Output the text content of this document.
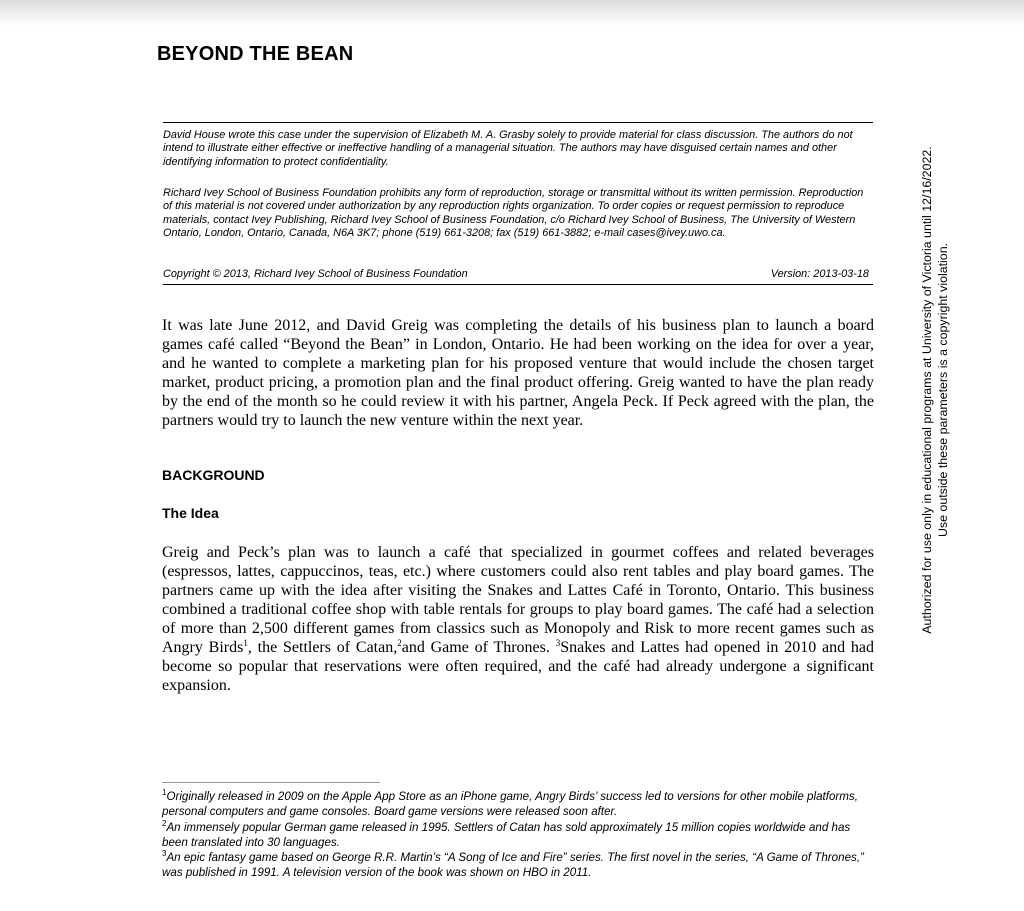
BEYOND THE BEAN

David House wrote this case under the supervision of Elizabeth M. A. Grasby solely to provide material for class discussion. The authors do not intend to illustrate either effective or ineffective handling of a managerial situation. The authors may have disguised certain names and other identifying information to protect confidentiality.

Richard Ivey School of Business Foundation prohibits any form of reproduction, storage or transmittal without its written permission. Reproduction of this material is not covered under authorization by any reproduction rights organization. To order copies or request permission to reproduce materials, contact Ivey Publishing, Richard Ivey School of Business Foundation, c/o Richard Ivey School of Business, The University of Western Ontario, London, Ontario, Canada, N6A 3K7; phone (519) 661-3208; fax (519) 661-3882; e-mail cases@ivey.uwo.ca.

Copyright © 2013, Richard Ivey School of Business Foundation	Version: 2013-03-18

It was late June 2012, and David Greig was completing the details of his business plan to launch a board games café called “Beyond the Bean” in London, Ontario. He had been working on the idea for over a year, and he wanted to complete a marketing plan for his proposed venture that would include the chosen target market, product pricing, a promotion plan and the final product offering. Greig wanted to have the plan ready by the end of the month so he could review it with his partner, Angela Peck. If Peck agreed with the plan, the partners would try to launch the new venture within the next year.

BACKGROUND
The Idea

Greig and Peck’s plan was to launch a café that specialized in gourmet coffees and related beverages (espressos, lattes, cappuccinos, teas, etc.) where customers could also rent tables and play board games. The partners came up with the idea after visiting the Snakes and Lattes Café in Toronto, Ontario. This business combined a traditional coffee shop with table rentals for groups to play board games. The café had a selection of more than 2,500 different games from classics such as Monopoly and Risk to more recent games such as Angry Birds$^1$, the Settlers of Catan,$^2$and Game of Thrones. $^3$Snakes and Lattes had opened in 2010 and had become so popular that reservations were often required, and the café had already undergone a significant expansion.

$^1$Originally released in 2009 on the Apple App Store as an iPhone game, Angry Birds’ success led to versions for other mobile platforms, personal computers and game consoles. Board game versions were released soon after.

$^2$An immensely popular German game released in 1995. Settlers of Catan has sold approximately 15 million copies worldwide and has been translated into 30 languages.

$^3$An epic fantasy game based on George R.R. Martin’s “A Song of Ice and Fire” series. The first novel in the series, “A Game of Thrones,” was published in 1991. A television version of the book was shown on HBO in 2011.

Authorized for use only in educational programs at University of Victoria until 12/16/2022. Use outside these parameters is a copyright violation.
